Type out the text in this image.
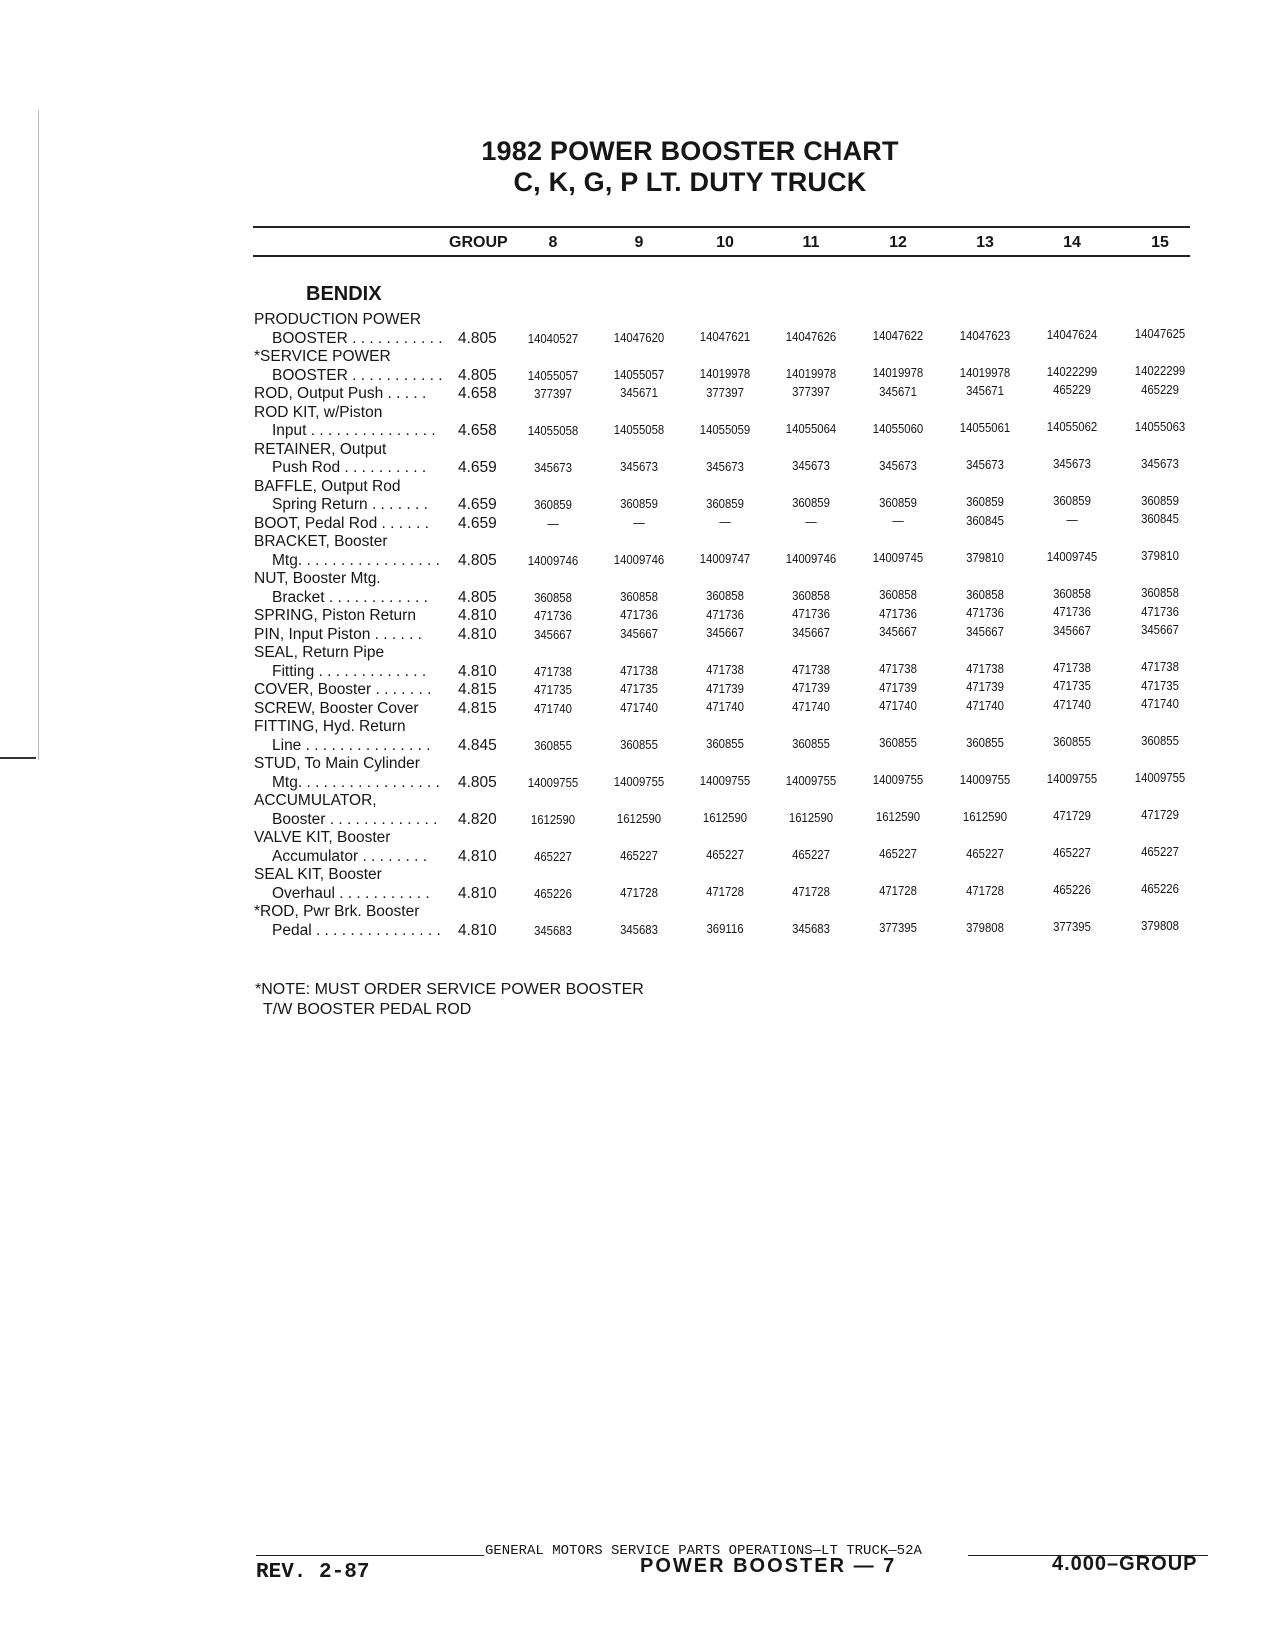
1982 POWER BOOSTER CHART
C, K, G, P LT. DUTY TRUCK
GROUP	8	9	10	11	12	13	14	15
BENDIX
PRODUCTION POWER
BOOSTER . . . . . . . . . . . 4.805	14040527	14047620	14047621	14047626	14047622	14047623	14047624	14047625
*SERVICE POWER
BOOSTER . . . . . . . . . . . 4.805	14055057	14055057	14019978	14019978	14019978	14019978	14022299	14022299
ROD, Output Push . . . . . 4.658	377397	345671	377397	377397	345671	345671	465229	465229
ROD KIT, w/Piston
Input . . . . . . . . . . . . . . . 4.658	14055058	14055058	14055059	14055064	14055060	14055061	14055062	14055063
RETAINER, Output
Push Rod . . . . . . . . . . 4.659	345673	345673	345673	345673	345673	345673	345673	345673
BAFFLE, Output Rod
Spring Return . . . . . . . 4.659	360859	360859	360859	360859	360859	360859	360859	360859
BOOT, Pedal Rod . . . . . . 4.659	—	—	—	—	—	360845	—	360845
BRACKET, Booster
Mtg. . . . . . . . . . . . . . . . . 4.805	14009746	14009746	14009747	14009746	14009745	379810	14009745	379810
NUT, Booster Mtg.
Bracket . . . . . . . . . . . . 4.805	360858	360858	360858	360858	360858	360858	360858	360858
SPRING, Piston Return	4.810	471736	471736	471736	471736	471736	471736	471736	471736
PIN, Input Piston . . . . . . 4.810	345667	345667	345667	345667	345667	345667	345667	345667
SEAL, Return Pipe
Fitting . . . . . . . . . . . . . 4.810	471738	471738	471738	471738	471738	471738	471738	471738
COVER, Booster . . . . . . . 4.815	471735	471735	471739	471739	471739	471739	471735	471735
SCREW, Booster Cover	4.815	471740	471740	471740	471740	471740	471740	471740	471740
FITTING, Hyd. Return
Line . . . . . . . . . . . . . . . 4.845	360855	360855	360855	360855	360855	360855	360855	360855
STUD, To Main Cylinder
Mtg. . . . . . . . . . . . . . . . . 4.805	14009755	14009755	14009755	14009755	14009755	14009755	14009755	14009755
ACCUMULATOR,
Booster . . . . . . . . . . . . . 4.820	1612590	1612590	1612590	1612590	1612590	1612590	471729	471729
VALVE KIT, Booster
Accumulator . . . . . . . . 4.810	465227	465227	465227	465227	465227	465227	465227	465227
SEAL KIT, Booster
Overhaul . . . . . . . . . . . 4.810	465226	471728	471728	471728	471728	471728	465226	465226
*ROD, Pwr Brk. Booster
Pedal . . . . . . . . . . . . . . . 4.810	345683	345683	369116	345683	377395	379808	377395	379808
*NOTE: MUST ORDER SERVICE POWER BOOSTER
T/W BOOSTER PEDAL ROD
GENERAL MOTORS SERVICE PARTS OPERATIONS—LT TRUCK—52A
REV. 2-87	POWER BOOSTER — 7	4.000–GROUP
